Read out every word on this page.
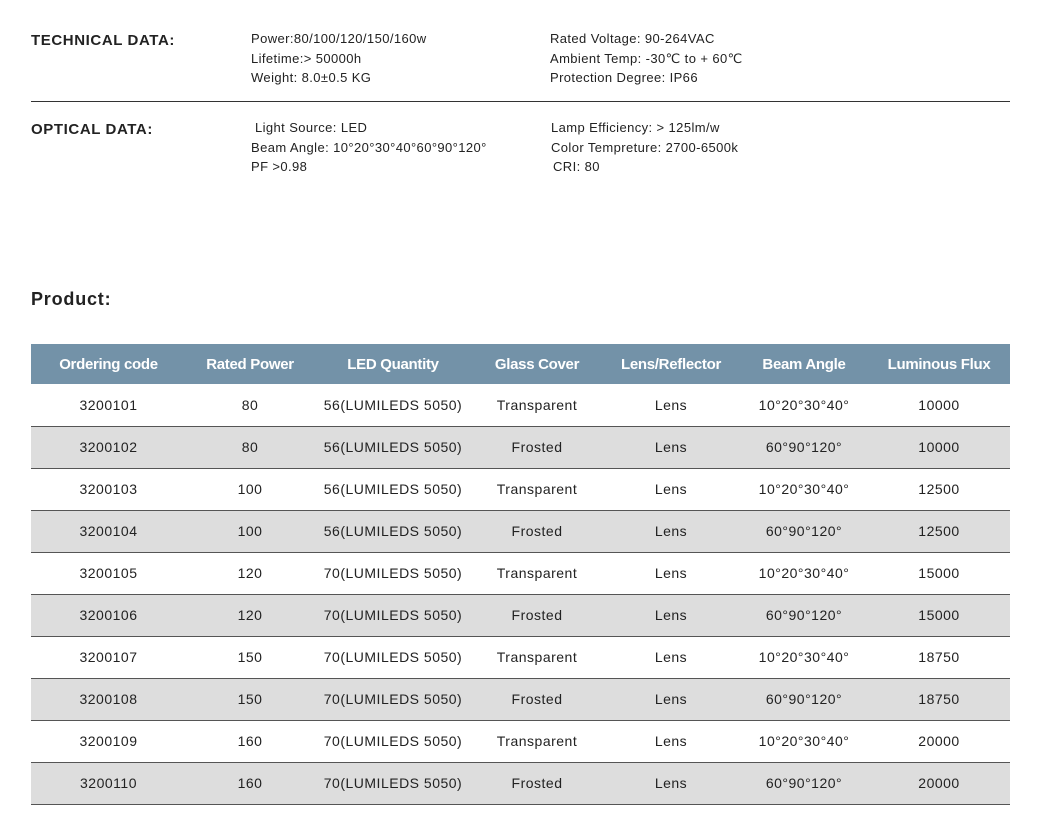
TECHNICAL DATA:	Power:80/100/120/150/160w
Lifetime:> 50000h
Weight: 8.0±0.5 KG
Rated Voltage: 90-264VAC
Ambient Temp: -30℃ to + 60℃
Protection Degree: IP66
OPTICAL DATA:	Light Source: LED
Beam Angle: 10°20°30°40°60°90°120°
PF >0.98
Lamp Efficiency: > 125lm/w
Color Tempreture: 2700-6500k
CRI: 80
Product:
Ordering code	Rated Power	LED Quantity	Glass Cover	Lens/Reflector	Beam Angle	Luminous Flux
3200101	80	56(LUMILEDS 5050)	Transparent	Lens	10°20°30°40°	10000
3200102	80	56(LUMILEDS 5050)	Frosted	Lens	60°90°120°	10000
3200103	100	56(LUMILEDS 5050)	Transparent	Lens	10°20°30°40°	12500
3200104	100	56(LUMILEDS 5050)	Frosted	Lens	60°90°120°	12500
3200105	120	70(LUMILEDS 5050)	Transparent	Lens	10°20°30°40°	15000
3200106	120	70(LUMILEDS 5050)	Frosted	Lens	60°90°120°	15000
3200107	150	70(LUMILEDS 5050)	Transparent	Lens	10°20°30°40°	18750
3200108	150	70(LUMILEDS 5050)	Frosted	Lens	60°90°120°	18750
3200109	160	70(LUMILEDS 5050)	Transparent	Lens	10°20°30°40°	20000
3200110	160	70(LUMILEDS 5050)	Frosted	Lens	60°90°120°	20000
